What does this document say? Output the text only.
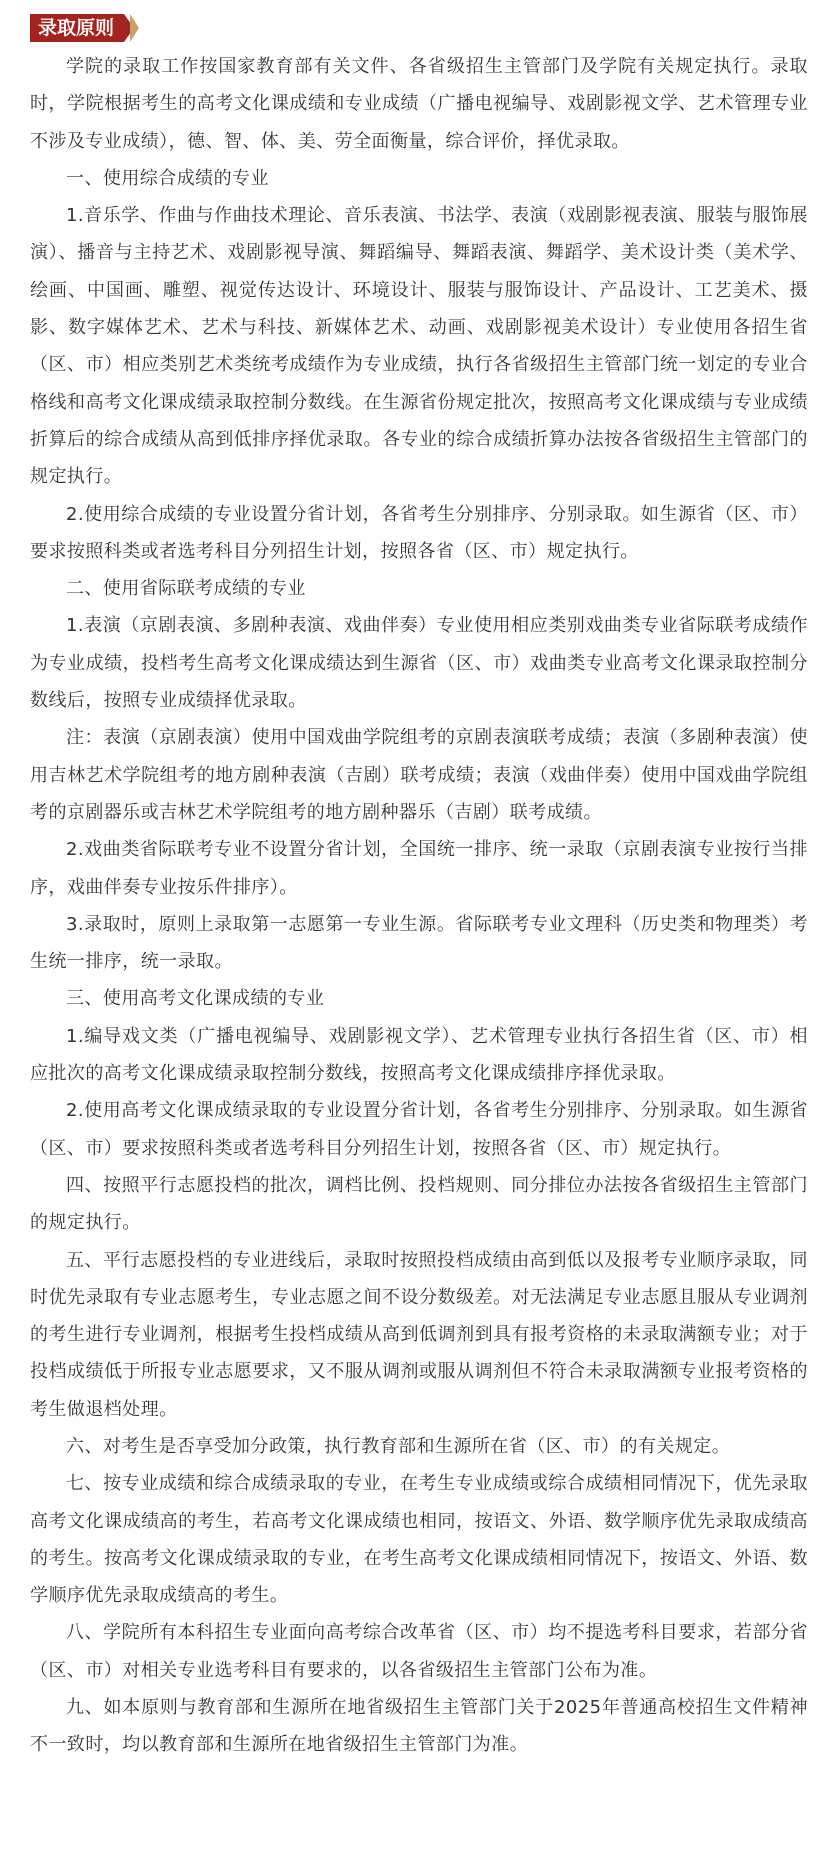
录取原则

学院的录取工作按国家教育部有关文件、各省级招生主管部门及学院有关规定执行。录取时，学院根据考生的高考文化课成绩和专业成绩（广播电视编导、戏剧影视文学、艺术管理专业不涉及专业成绩），德、智、体、美、劳全面衡量，综合评价，择优录取。

一、使用综合成绩的专业

1.音乐学、作曲与作曲技术理论、音乐表演、书法学、表演（戏剧影视表演、服装与服饰展演）、播音与主持艺术、戏剧影视导演、舞蹈编导、舞蹈表演、舞蹈学、美术设计类（美术学、绘画、中国画、雕塑、视觉传达设计、环境设计、服装与服饰设计、产品设计、工艺美术、摄影、数字媒体艺术、艺术与科技、新媒体艺术、动画、戏剧影视美术设计）专业使用各招生省（区、市）相应类别艺术类统考成绩作为专业成绩，执行各省级招生主管部门统一划定的专业合格线和高考文化课成绩录取控制分数线。在生源省份规定批次，按照高考文化课成绩与专业成绩折算后的综合成绩从高到低排序择优录取。各专业的综合成绩折算办法按各省级招生主管部门的规定执行。

2.使用综合成绩的专业设置分省计划，各省考生分别排序、分别录取。如生源省（区、市）要求按照科类或者选考科目分列招生计划，按照各省（区、市）规定执行。

二、使用省际联考成绩的专业

1.表演（京剧表演、多剧种表演、戏曲伴奏）专业使用相应类别戏曲类专业省际联考成绩作为专业成绩，投档考生高考文化课成绩达到生源省（区、市）戏曲类专业高考文化课录取控制分数线后，按照专业成绩择优录取。

注：表演（京剧表演）使用中国戏曲学院组考的京剧表演联考成绩；表演（多剧种表演）使用吉林艺术学院组考的地方剧种表演（吉剧）联考成绩；表演（戏曲伴奏）使用中国戏曲学院组考的京剧器乐或吉林艺术学院组考的地方剧种器乐（吉剧）联考成绩。

2.戏曲类省际联考专业不设置分省计划，全国统一排序、统一录取（京剧表演专业按行当排序，戏曲伴奏专业按乐件排序）。

3.录取时，原则上录取第一志愿第一专业生源。省际联考专业文理科（历史类和物理类）考生统一排序，统一录取。

三、使用高考文化课成绩的专业

1.编导戏文类（广播电视编导、戏剧影视文学）、艺术管理专业执行各招生省（区、市）相应批次的高考文化课成绩录取控制分数线，按照高考文化课成绩排序择优录取。

2.使用高考文化课成绩录取的专业设置分省计划，各省考生分别排序、分别录取。如生源省（区、市）要求按照科类或者选考科目分列招生计划，按照各省（区、市）规定执行。

四、按照平行志愿投档的批次，调档比例、投档规则、同分排位办法按各省级招生主管部门的规定执行。

五、平行志愿投档的专业进线后，录取时按照投档成绩由高到低以及报考专业顺序录取，同时优先录取有专业志愿考生，专业志愿之间不设分数级差。对无法满足专业志愿且服从专业调剂的考生进行专业调剂，根据考生投档成绩从高到低调剂到具有报考资格的未录取满额专业；对于投档成绩低于所报专业志愿要求，又不服从调剂或服从调剂但不符合未录取满额专业报考资格的考生做退档处理。

六、对考生是否享受加分政策，执行教育部和生源所在省（区、市）的有关规定。

七、按专业成绩和综合成绩录取的专业，在考生专业成绩或综合成绩相同情况下，优先录取高考文化课成绩高的考生，若高考文化课成绩也相同，按语文、外语、数学顺序优先录取成绩高的考生。按高考文化课成绩录取的专业，在考生高考文化课成绩相同情况下，按语文、外语、数学顺序优先录取成绩高的考生。

八、学院所有本科招生专业面向高考综合改革省（区、市）均不提选考科目要求，若部分省（区、市）对相关专业选考科目有要求的，以各省级招生主管部门公布为准。

九、如本原则与教育部和生源所在地省级招生主管部门关于2025年普通高校招生文件精神不一致时，均以教育部和生源所在地省级招生主管部门为准。
